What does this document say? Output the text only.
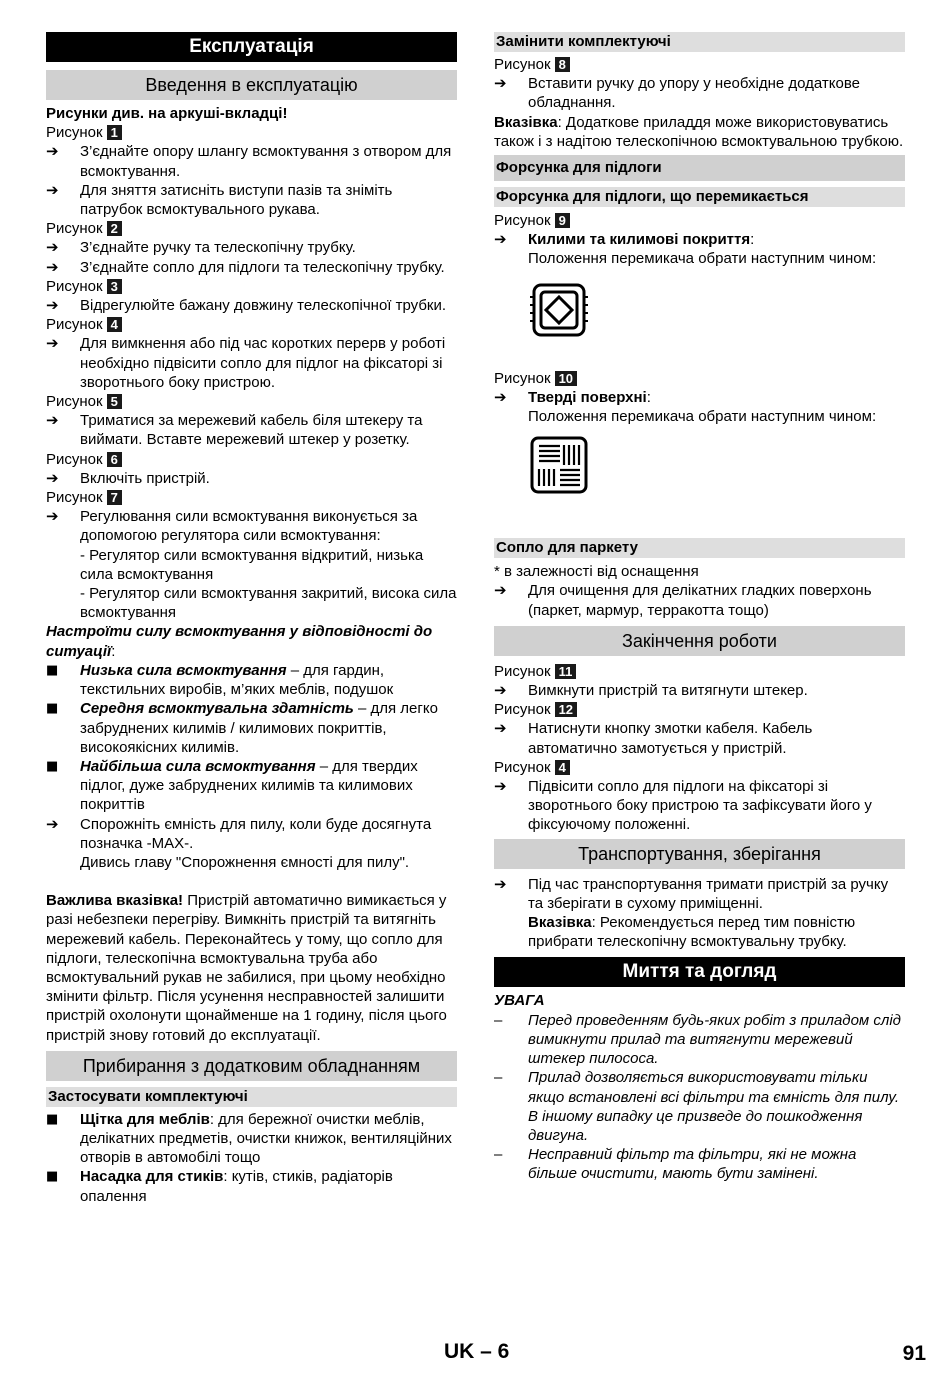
Експлуатація
Введення в експлуатацію
Рисунки див. на аркуші-вкладці!
Рисунок 1
➔ З’єднайте опору шлангу всмоктування з отвором для всмоктування.
➔ Для зняття затисніть виступи пазів та зніміть патрубок всмоктувального рукава.
Рисунок 2
➔ З’єднайте ручку та телескопічну трубку.
➔ З’єднайте сопло для підлоги та телескопічну трубку.
Рисунок 3
➔ Відрегулюйте бажану довжину телескопічної трубки.
Рисунок 4
➔ Для вимкнення або під час коротких перерв у роботі необхідно підвісити сопло для підлог на фіксаторі зі зворотнього боку пристрою.
Рисунок 5
➔ Триматися за мережевий кабель біля штекеру та виймати. Вставте мережевий штекер у розетку.
Рисунок 6
➔ Включіть пристрій.
Рисунок 7
➔ Регулювання сили всмоктування виконується за допомогою регулятора сили всмоктування:
- Регулятор сили всмоктування відкритий, низька сила всмоктування
- Регулятор сили всмоктування закритий, висока сила всмоктування
Настроїти силу всмоктування у відповідності до ситуації:
■ Низька сила всмоктування – для гардин, текстильних виробів, м’яких меблів, подушок
■ Середня всмоктувальна здатність – для легко забруднених килимів / килимових покриттів, високоякісних килимів.
■ Найбільша сила всмоктування – для твердих підлог, дуже забруднених килимів та килимових покриттів
➔ Спорожніть ємність для пилу, коли буде досягнута позначка -MAX-.
Дивись главу "Спорожнення ємності для пилу".
Важлива вказівка! Пристрій автоматично вимикається у разі небезпеки перегріву. Вимкніть пристрій та витягніть мережевий кабель. Переконайтесь у тому, що сопло для підлоги, телескопічна всмоктувальна труба або всмоктувальний рукав не забилися, при цьому необхідно змінити фільтр. Після усунення несправностей залишити пристрій охолонути щонайменше на 1 годину, після цього пристрій знову готовий до експлуатації.
Прибирання з додатковим обладнанням
Застосувати комплектуючі
■ Щітка для меблів: для бережної очистки меблів, делікатних предметів, очистки книжок, вентиляційних отворів в автомобілі тощо
■ Насадка для стиків: кутів, стиків, радіаторів опалення
Замінити комплектуючі
Рисунок 8
➔ Вставити ручку до упору у необхідне додаткове обладнання.
Вказівка: Додаткове приладдя може використовуватись також і з надітою телескопічною всмоктувальною трубкою.
Форсунка для підлоги
Форсунка для підлоги, що перемикається
Рисунок 9
➔ Килими та килимові покриття:
Положення перемикача обрати наступним чином:
Рисунок 10
➔ Тверді поверхні:
Положення перемикача обрати наступним чином:
Сопло для паркету
* в залежності від оснащення
➔ Для очищення для делікатних гладких поверхонь (паркет, мармур, терракотта тощо)
Закінчення роботи
Рисунок 11
➔ Вимкнути пристрій та витягнути штекер.
Рисунок 12
➔ Натиснути кнопку змотки кабеля. Кабель автоматично замотується у пристрій.
Рисунок 4
➔ Підвісити сопло для підлоги на фіксаторі зі зворотнього боку пристрою та зафіксувати його у фіксуючому положенні.
Транспортування, зберігання
➔ Під час транспортування тримати пристрій за ручку та зберігати в сухому приміщенні.
Вказівка: Рекомендується перед тим повністю прибрати телескопічну всмоктувальну трубку.
Миття та догляд
УВАГА
– Перед проведенням будь-яких робіт з приладом слід вимикнути прилад та витягнути мережевий штекер пилососа.
– Прилад дозволяється використовувати тільки якщо встановлені всі фільтри та ємність для пилу.
В іншому випадку це призведе до пошкодження двигуна.
– Несправний фільтр та фільтри, які не можна більше очистити, мають бути замінені.
UK – 6	91
